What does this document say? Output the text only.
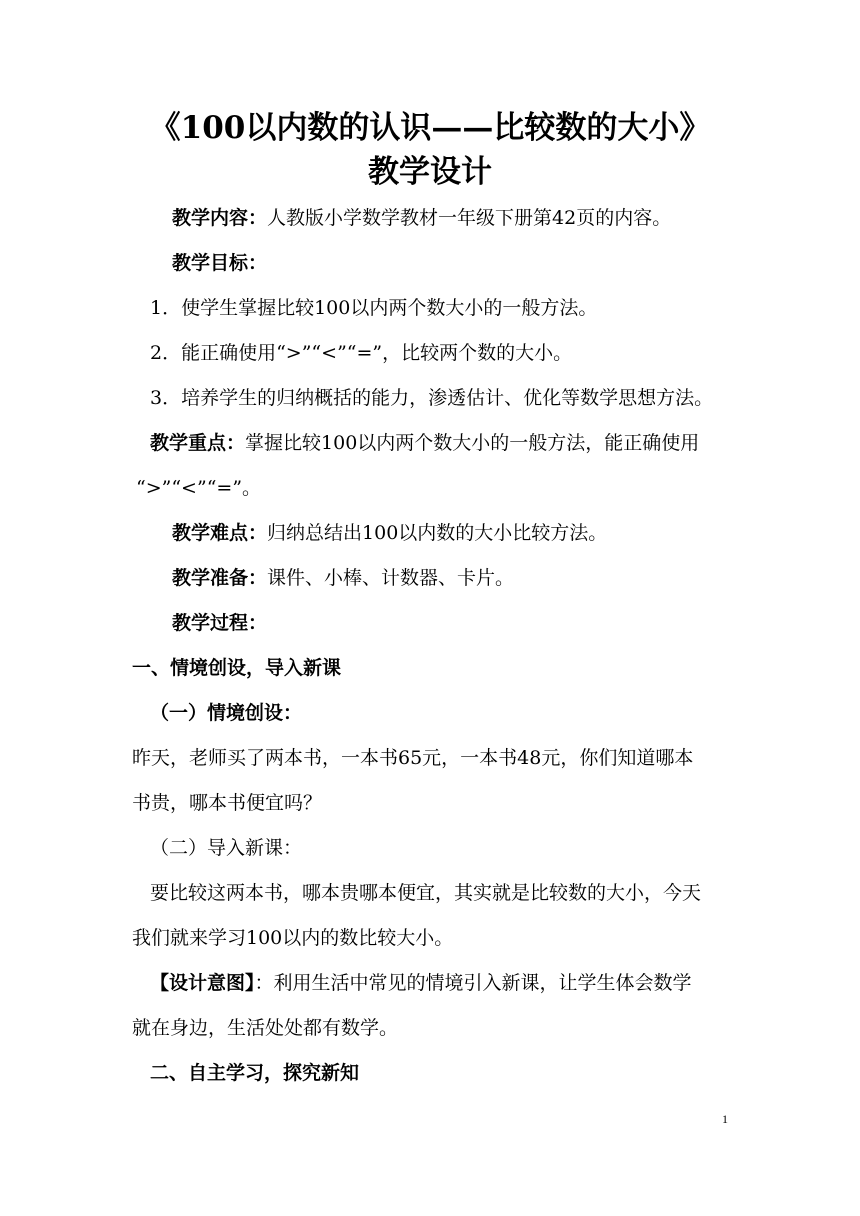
《100以内数的认识——比较数的大小》
教学设计
教学内容：人教版小学数学教材一年级下册第42页的内容。
教学目标：
1．使学生掌握比较100以内两个数大小的一般方法。
2．能正确使用“>”“<”“=”，比较两个数的大小。
3．培养学生的归纳概括的能力，渗透估计、优化等数学思想方法。
教学重点：掌握比较100以内两个数大小的一般方法，能正确使用
“>”“<”“=”。
教学难点：归纳总结出100以内数的大小比较方法。
教学准备：课件、小棒、计数器、卡片。
教学过程：
一、情境创设，导入新课
（一）情境创设：
昨天，老师买了两本书，一本书65元，一本书48元，你们知道哪本
书贵，哪本书便宜吗？
（二）导入新课：
要比较这两本书，哪本贵哪本便宜，其实就是比较数的大小，今天
我们就来学习100以内的数比较大小。
【设计意图】：利用生活中常见的情境引入新课，让学生体会数学
就在身边，生活处处都有数学。
二、自主学习，探究新知
1
